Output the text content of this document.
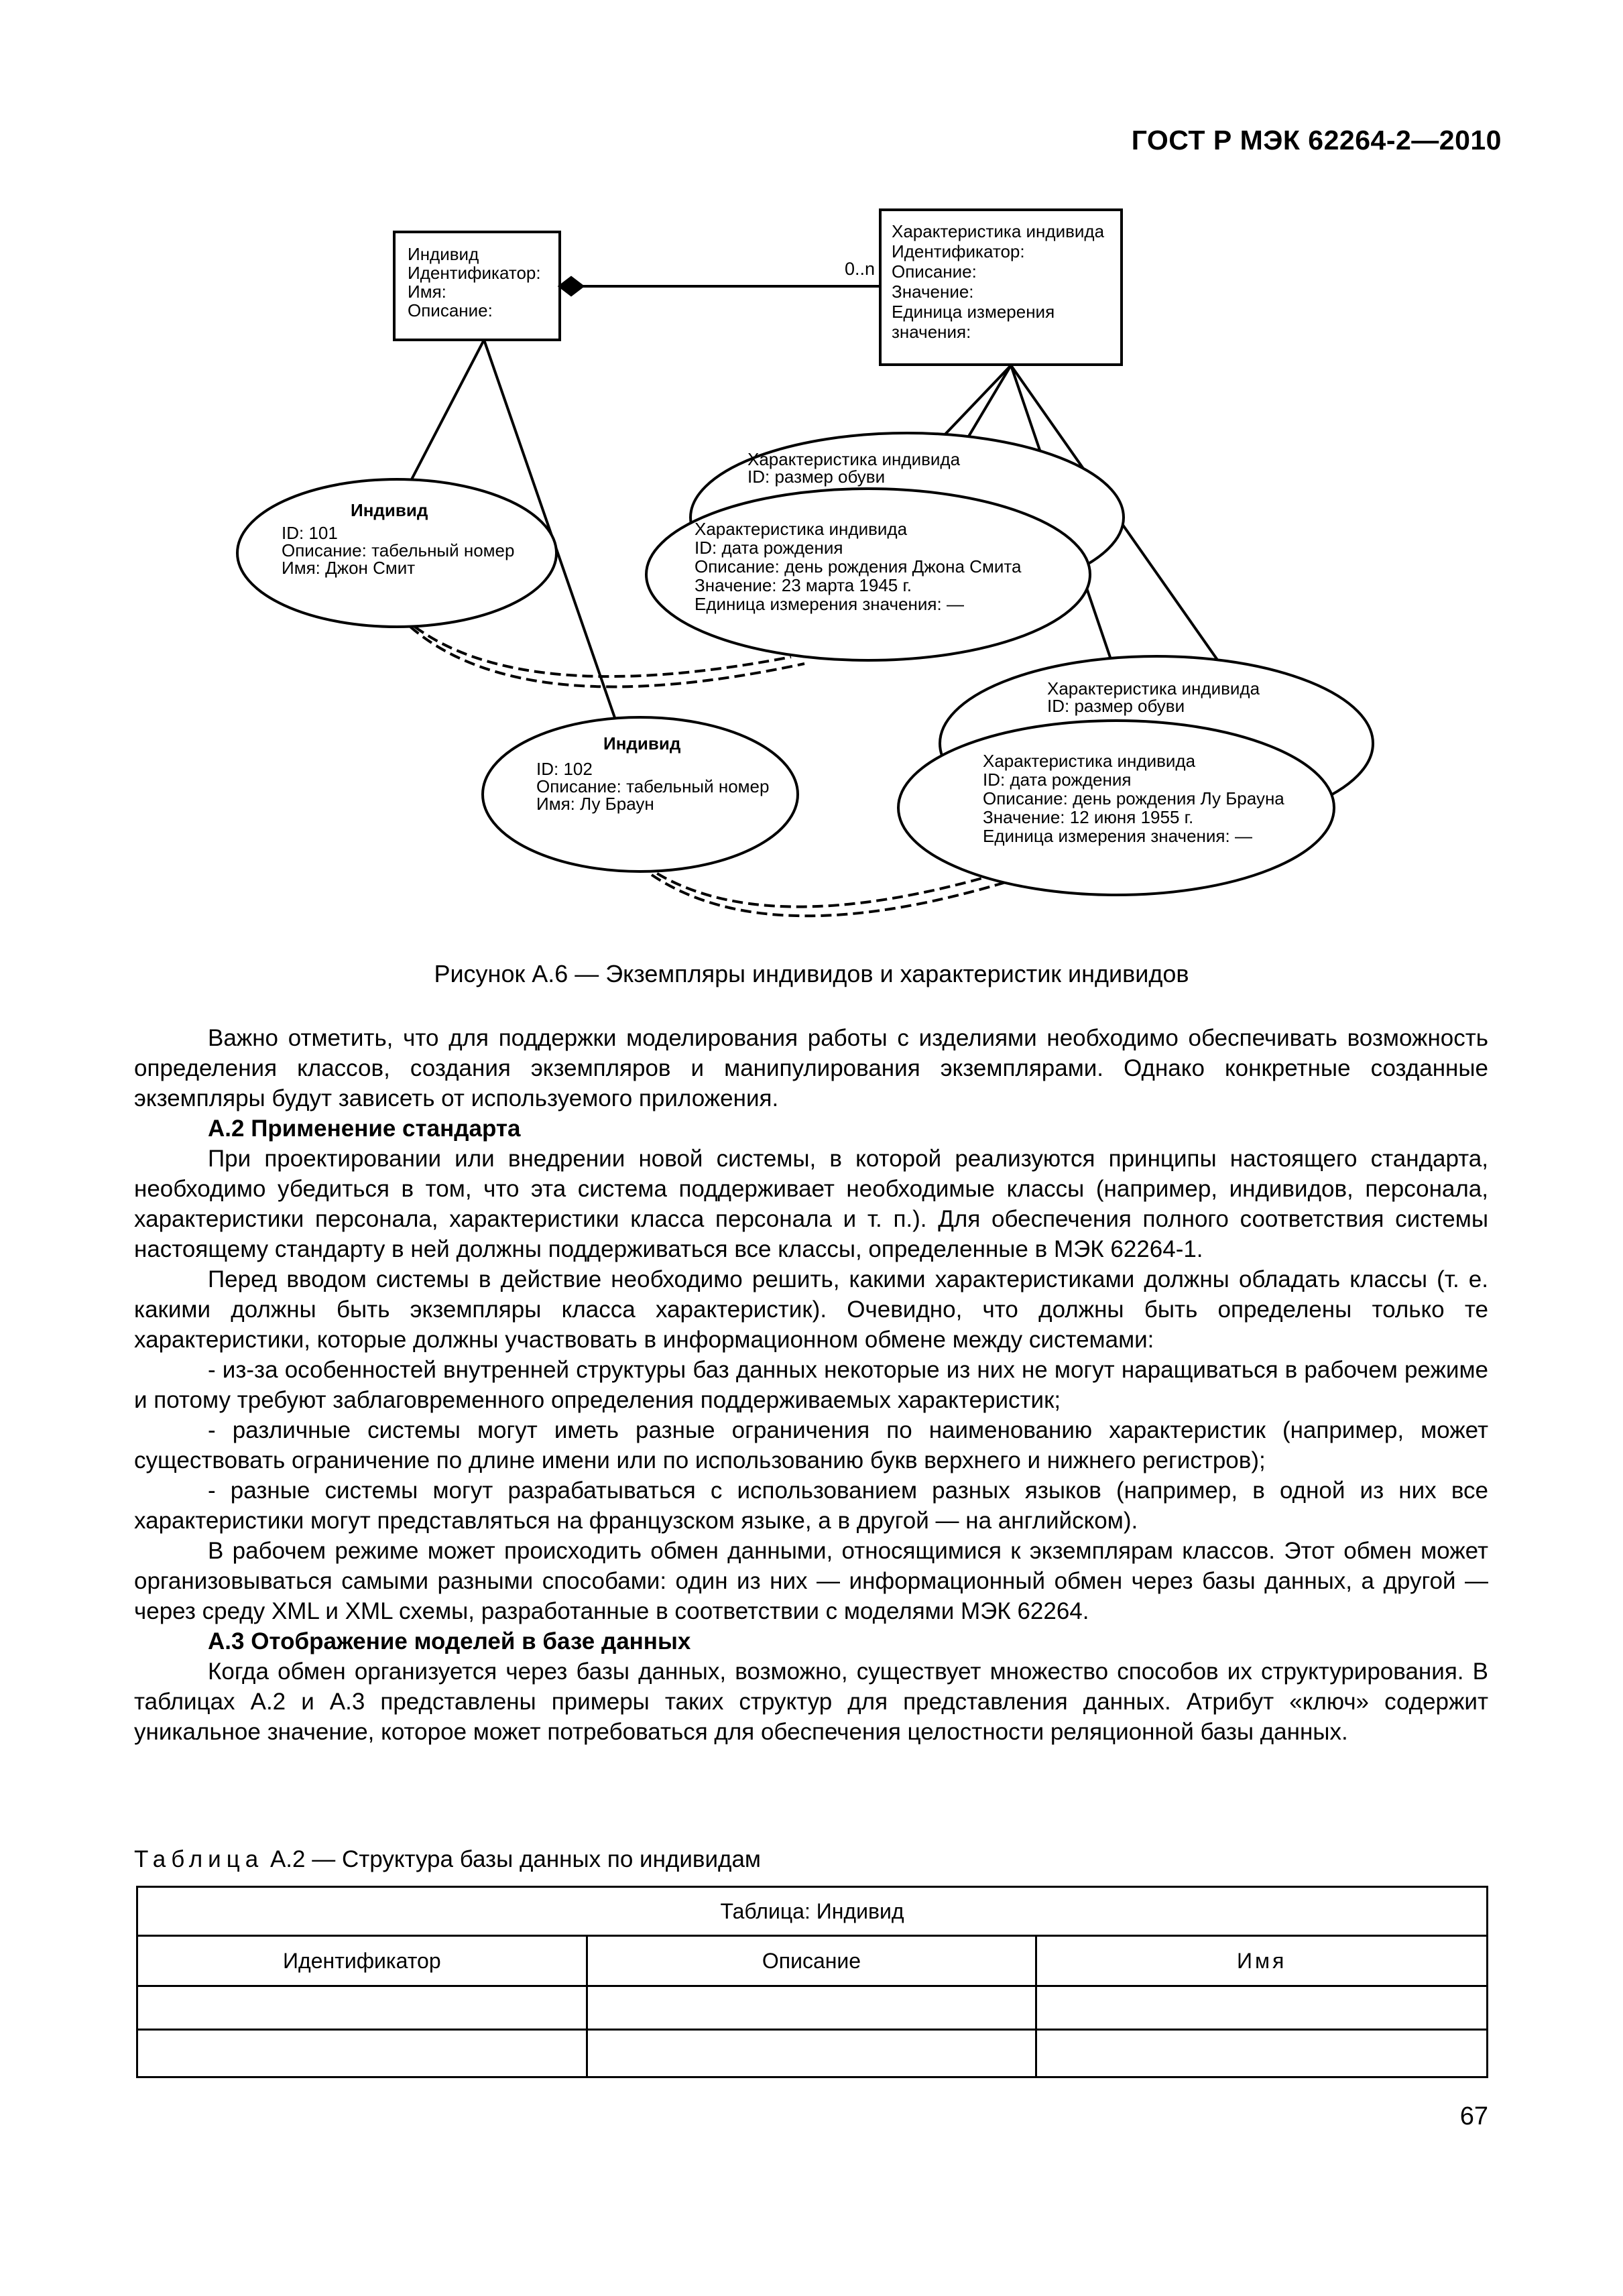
ГОСТ Р МЭК 62264-2—2010
0..n
Индивид
Идентификатор:
Имя:
Описание:
Характеристика индивида
Идентификатор:
Описание:
Значение:
Единица измерения
значения:
Характеристика индивида
ID: размер обуви
Характеристика индивида
ID: дата рождения
Описание: день рождения Джона Смита
Значение: 23 марта 1945 г.
Единица измерения значения: —
Индивид
ID: 101
Описание: табельный номер
Имя: Джон Смит
Индивид
ID: 102
Описание: табельный номер
Имя: Лу Браун
Характеристика индивида
ID: размер обуви
Характеристика индивида
ID: дата рождения
Описание: день рождения Лу Брауна
Значение: 12 июня 1955 г.
Единица измерения значения: —
Рисунок А.6 — Экземпляры индивидов и характеристик индивидов

Важно отметить, что для поддержки моделирования работы с изделиями необходимо обеспечивать возможность определения классов, создания экземпляров и манипулирования экземплярами. Однако конкретные созданные экземпляры будут зависеть от используемого приложения.

А.2 Применение стандарта

При проектировании или внедрении новой системы, в которой реализуются принципы настоящего стандарта, необходимо убедиться в том, что эта система поддерживает необходимые классы (например, индивидов, персонала, характеристики персонала, характеристики класса персонала и т. п.). Для обеспечения полного соответствия системы настоящему стандарту в ней должны поддерживаться все классы, определенные в МЭК 62264-1.

Перед вводом системы в действие необходимо решить, какими характеристиками должны обладать классы (т. е. какими должны быть экземпляры класса характеристик). Очевидно, что должны быть определены только те характеристики, которые должны участвовать в информационном обмене между системами:

- из-за особенностей внутренней структуры баз данных некоторые из них не могут наращиваться в рабочем режиме и потому требуют заблаговременного определения поддерживаемых характеристик;

- различные системы могут иметь разные ограничения по наименованию характеристик (например, может существовать ограничение по длине имени или по использованию букв верхнего и нижнего регистров);

- разные системы могут разрабатываться с использованием разных языков (например, в одной из них все характеристики могут представляться на французском языке, а в другой — на английском).

В рабочем режиме может происходить обмен данными, относящимися к экземплярам классов. Этот обмен может организовываться самыми разными способами: один из них — информационный обмен через базы данных, а другой — через среду XML и XML схемы, разработанные в соответствии с моделями МЭК 62264.

А.3 Отображение моделей в базе данных

Когда обмен организуется через базы данных, возможно, существует множество способов их структурирования. В таблицах А.2 и А.3 представлены примеры таких структур для представления данных. Атрибут «ключ» содержит уникальное значение, которое может потребоваться для обеспечения целостности реляционной базы данных.

Таблица А.2 — Структура базы данных по индивидам
Таблица: Индивид		
Идентификатор	Описание	Имя

67
